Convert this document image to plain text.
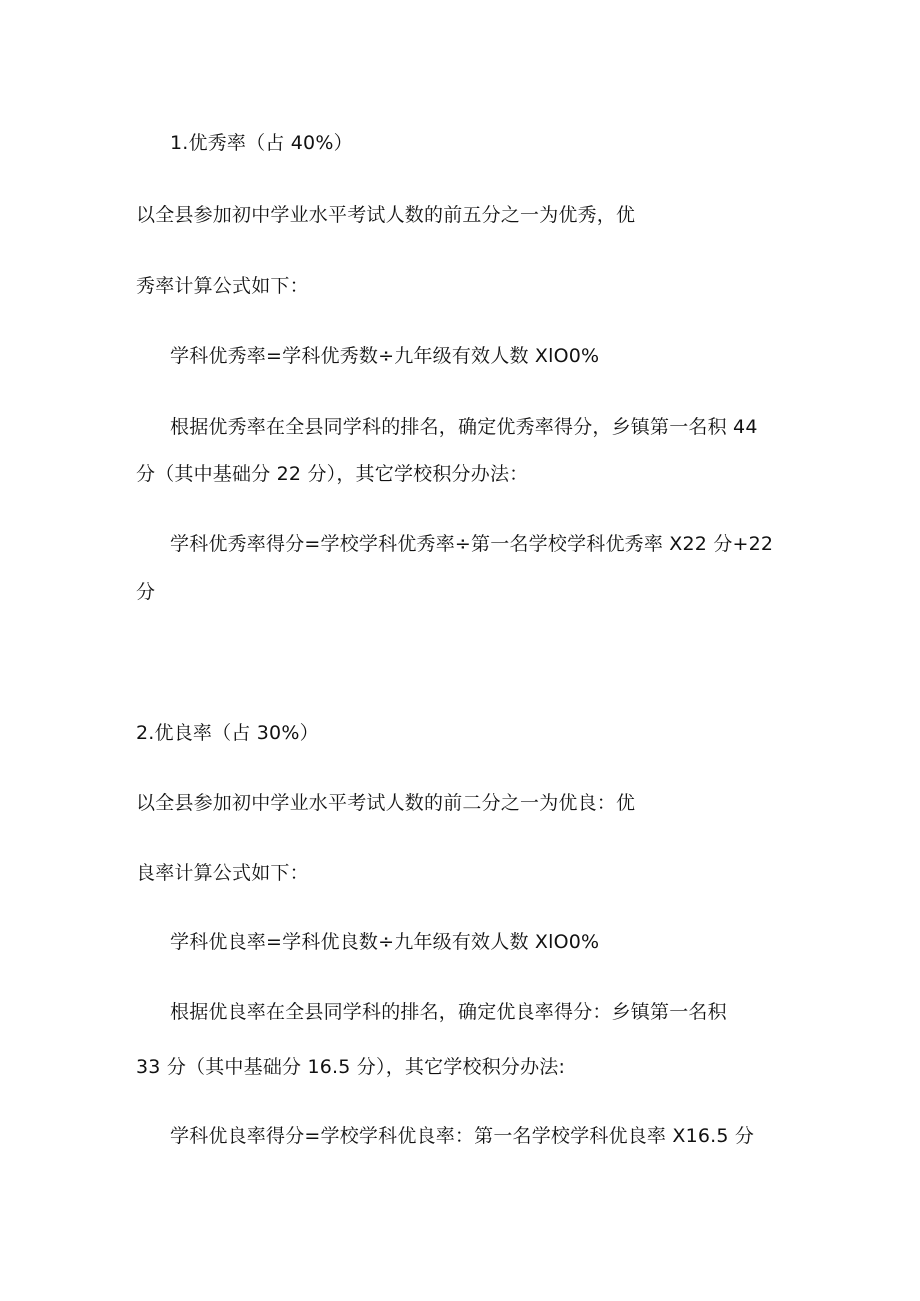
1.优秀率（占 40%）
以全县参加初中学业水平考试人数的前五分之一为优秀，优
秀率计算公式如下：
学科优秀率=学科优秀数÷九年级有效人数 XlO0%
根据优秀率在全县同学科的排名，确定优秀率得分，乡镇第一名积 44
分（其中基础分 22 分），其它学校积分办法：
学科优秀率得分=学校学科优秀率÷第一名学校学科优秀率 X22 分+22
分
2.优良率（占 30%）
以全县参加初中学业水平考试人数的前二分之一为优良：优
良率计算公式如下：
学科优良率=学科优良数÷九年级有效人数 XlO0%
根据优良率在全县同学科的排名，确定优良率得分：乡镇第一名积
33 分（其中基础分 16.5 分），其它学校积分办法:
学科优良率得分=学校学科优良率：第一名学校学科优良率 X16.5 分
